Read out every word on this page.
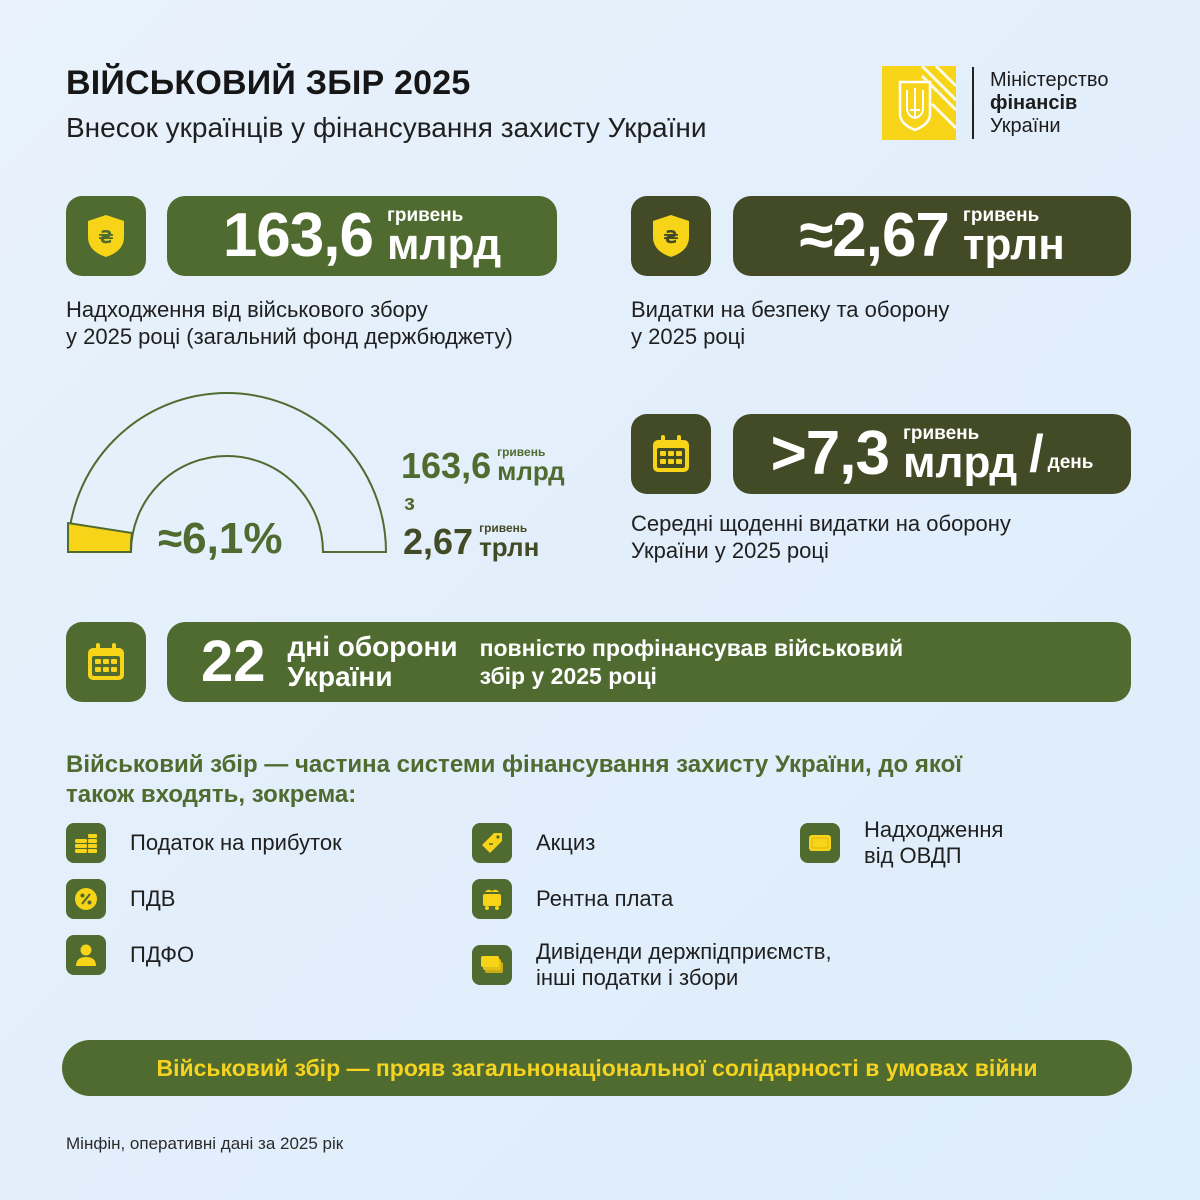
ВІЙСЬКОВИЙ ЗБІР 2025
Внесок українців у фінансування захисту України
Міністерство
фінансів
України
₴ 163,6 гривень
млрд
Надходження від військового збору
у 2025 році (загальний фонд держбюджету)
₴ ≈2,67 гривень
трлн
Видатки на безпеку та оборону
у 2025 році
≈6,1%
163,6 гривень
млрд
з
2,67 гривень
трлн
>7,3 гривень
млрд / день
Середні щоденні видатки на оборону
України у 2025 році
22 дні оборони
України
повністю профінансував військовий
збір у 2025 році
Військовий збір — частина системи фінансування захисту України, до якої
також входять, зокрема:
Податок на прибуток
ПДВ
ПДФО
Акциз
Рентна плата
Дивіденди держпідприємств,
інші податки і збори
Надходження
від ОВДП
Військовий збір — прояв загальнонаціональної солідарності в умовах війни
Мінфін, оперативні дані за 2025 рік
